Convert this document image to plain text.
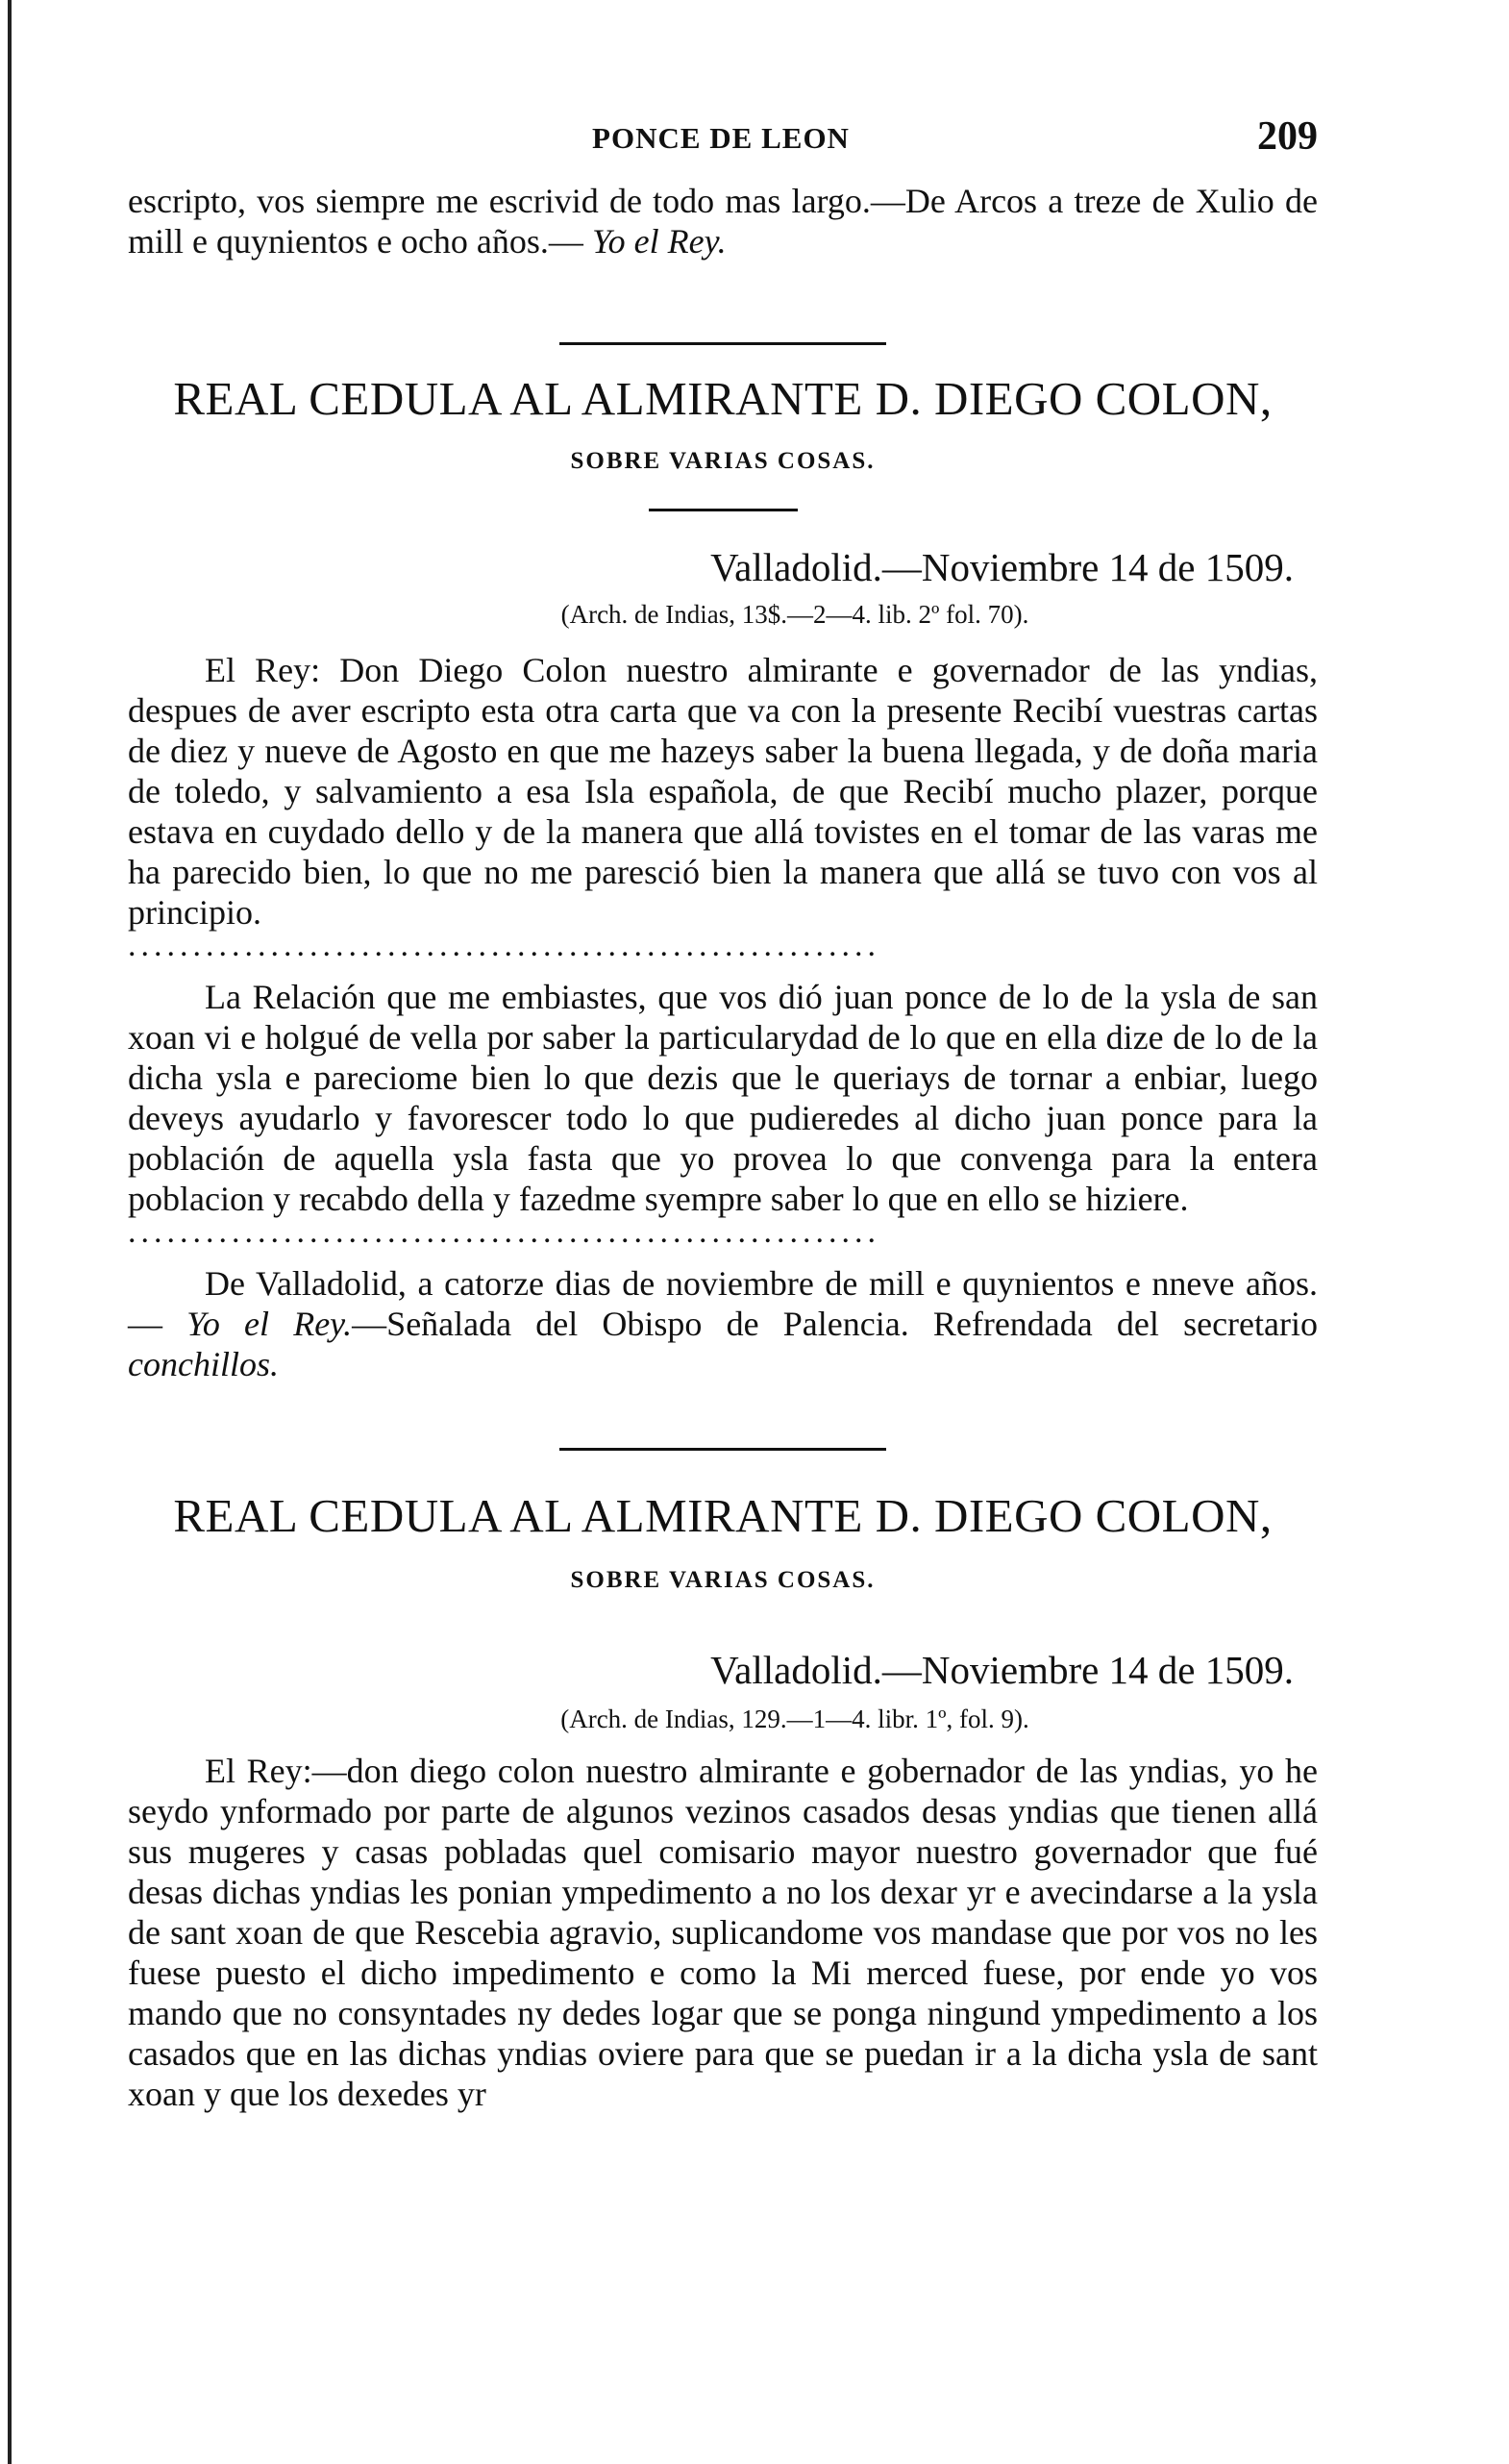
PONCE DE LEON	209

escripto, vos siempre me escrivid de todo mas largo.—De Arcos a treze de Xulio de mill e quynientos e ocho años.— Yo el Rey.

REAL CEDULA AL ALMIRANTE D. DIEGO COLON,
SOBRE VARIAS COSAS.
Valladolid.—Noviembre 14 de 1509.
(Arch. de Indias, 13$.—2—4. lib. 2º fol. 70).

El Rey: Don Diego Colon nuestro almirante e governador de las yndias, despues de aver escripto esta otra carta que va con la presente Recibí vuestras cartas de diez y nueve de Agosto en que me hazeys saber la buena llegada, y de doña maria de toledo, y salvamiento a esa Isla española, de que Recibí mucho plazer, porque estava en cuydado dello y de la manera que allá tovistes en el tomar de las varas me ha parecido bien, lo que no me paresció bien la manera que allá se tuvo con vos al principio.

..........................................................

La Relación que me embiastes, que vos dió juan ponce de lo de la ysla de san xoan vi e holgué de vella por saber la particularydad de lo que en ella dize de lo de la dicha ysla e pareciome bien lo que dezis que le queriays de tornar a enbiar, luego deveys ayudarlo y favorescer todo lo que pudieredes al dicho juan ponce para la población de aquella ysla fasta que yo provea lo que convenga para la entera poblacion y recabdo della y fazedme syempre saber lo que en ello se hiziere.

..........................................................

De Valladolid, a catorze dias de noviembre de mill e quynientos e nneve años.— Yo el Rey.—Señalada del Obispo de Palencia. Refrendada del secretario conchillos.

REAL CEDULA AL ALMIRANTE D. DIEGO COLON,
SOBRE VARIAS COSAS.
Valladolid.—Noviembre 14 de 1509.
(Arch. de Indias, 129.—1—4. libr. 1º, fol. 9).

El Rey:—don diego colon nuestro almirante e gobernador de las yndias, yo he seydo ynformado por parte de algunos vezinos casados desas yndias que tienen allá sus mugeres y casas pobladas quel comisario mayor nuestro governador que fué desas dichas yndias les ponian ympedimento a no los dexar yr e avecindarse a la ysla de sant xoan de que Rescebia agravio, suplicandome vos mandase que por vos no les fuese puesto el dicho impedimento e como la Mi merced fuese, por ende yo vos mando que no consyntades ny dedes logar que se ponga ningund ympedimento a los casados que en las dichas yndias oviere para que se puedan ir a la dicha ysla de sant xoan y que los dexedes yr
